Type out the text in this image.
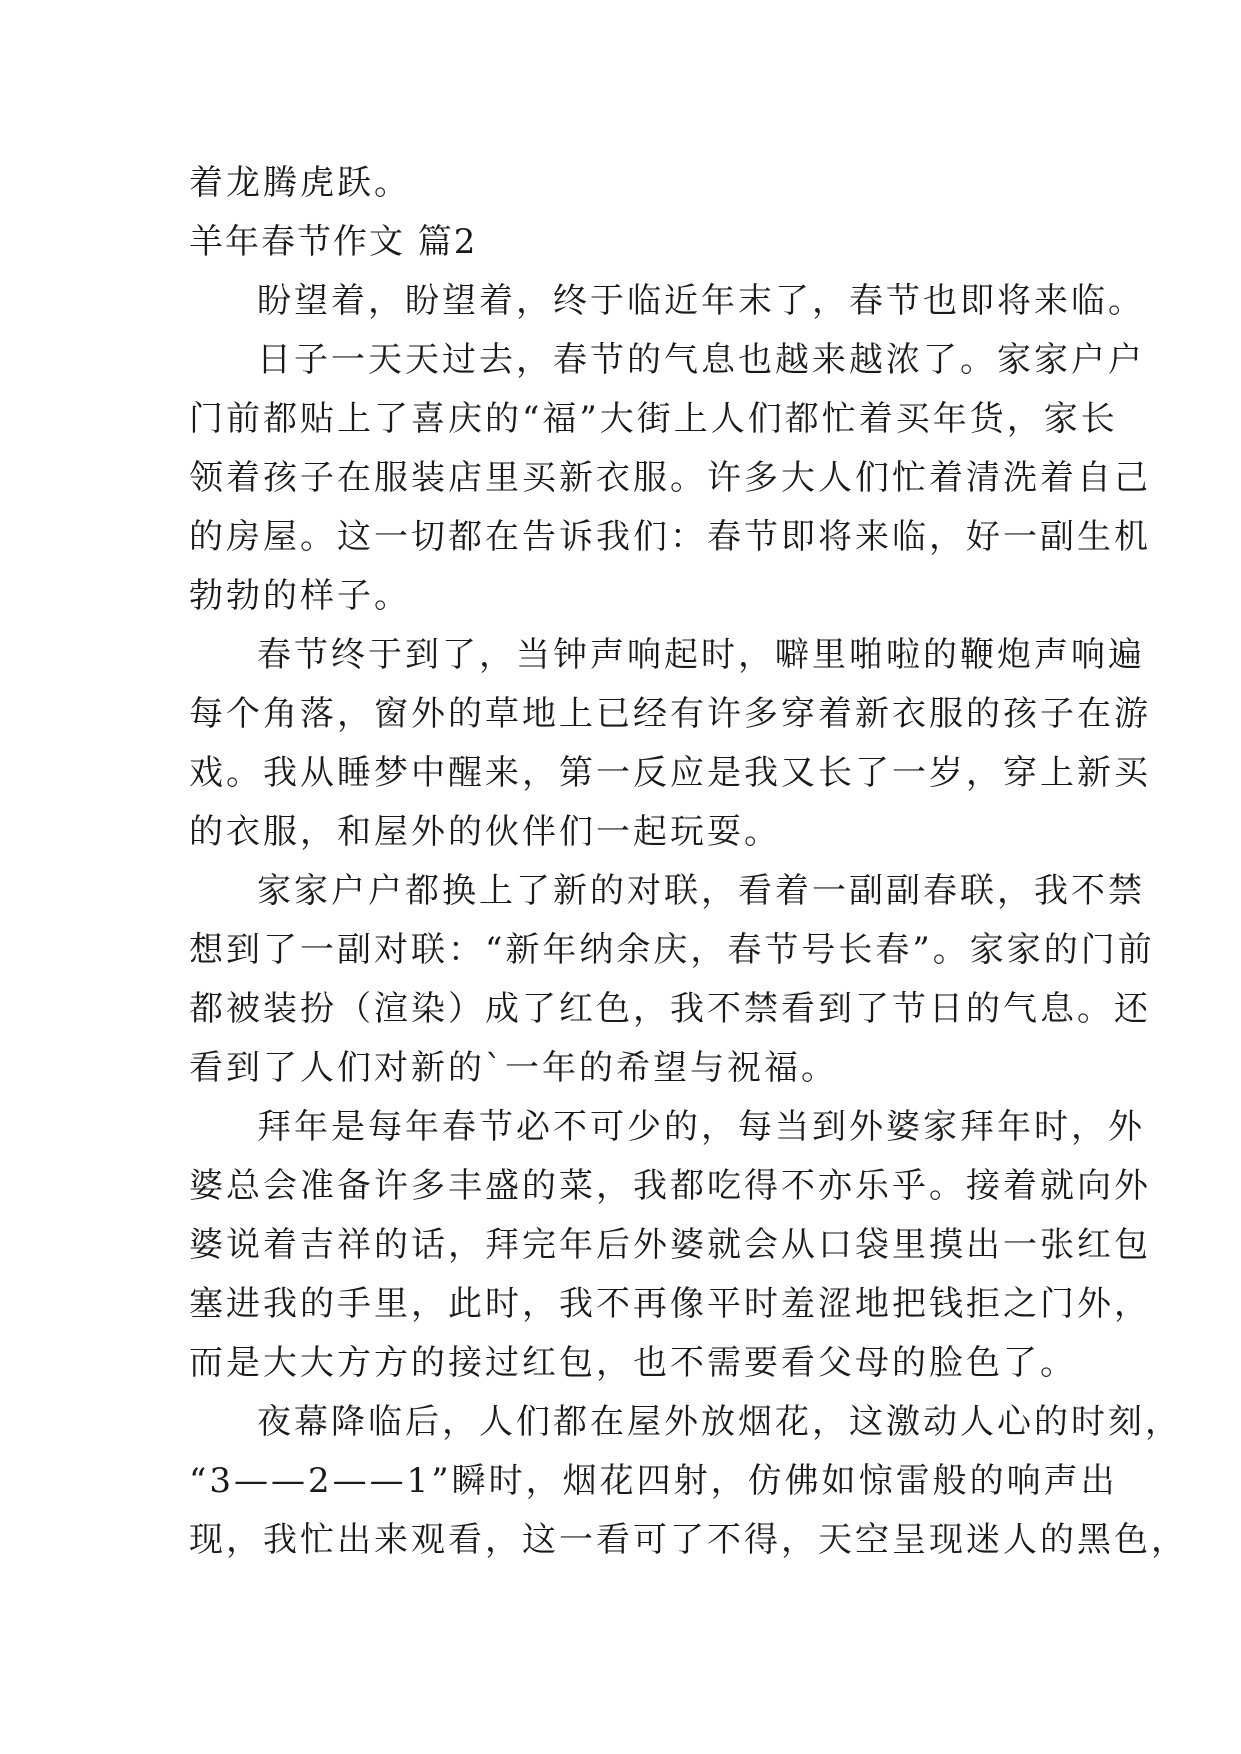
着龙腾虎跃。
羊年春节作文 篇2
盼望着，盼望着，终于临近年末了，春节也即将来临。
日子一天天过去，春节的气息也越来越浓了。家家户户
门前都贴上了喜庆的“福”大街上人们都忙着买年货，家长
领着孩子在服装店里买新衣服。许多大人们忙着清洗着自己
的房屋。这一切都在告诉我们：春节即将来临，好一副生机
勃勃的样子。
春节终于到了，当钟声响起时，噼里啪啦的鞭炮声响遍
每个角落，窗外的草地上已经有许多穿着新衣服的孩子在游
戏。我从睡梦中醒来，第一反应是我又长了一岁，穿上新买
的衣服，和屋外的伙伴们一起玩耍。
家家户户都换上了新的对联，看着一副副春联，我不禁
想到了一副对联：“新年纳余庆，春节号长春”。家家的门前
都被装扮（渲染）成了红色，我不禁看到了节日的气息。还
看到了人们对新的`一年的希望与祝福。
拜年是每年春节必不可少的，每当到外婆家拜年时，外
婆总会准备许多丰盛的菜，我都吃得不亦乐乎。接着就向外
婆说着吉祥的话，拜完年后外婆就会从口袋里摸出一张红包
塞进我的手里，此时，我不再像平时羞涩地把钱拒之门外，
而是大大方方的接过红包，也不需要看父母的脸色了。
夜幕降临后，人们都在屋外放烟花，这激动人心的时刻，
“3——2——1”瞬时，烟花四射，仿佛如惊雷般的响声出
现，我忙出来观看，这一看可了不得，天空呈现迷人的黑色，
